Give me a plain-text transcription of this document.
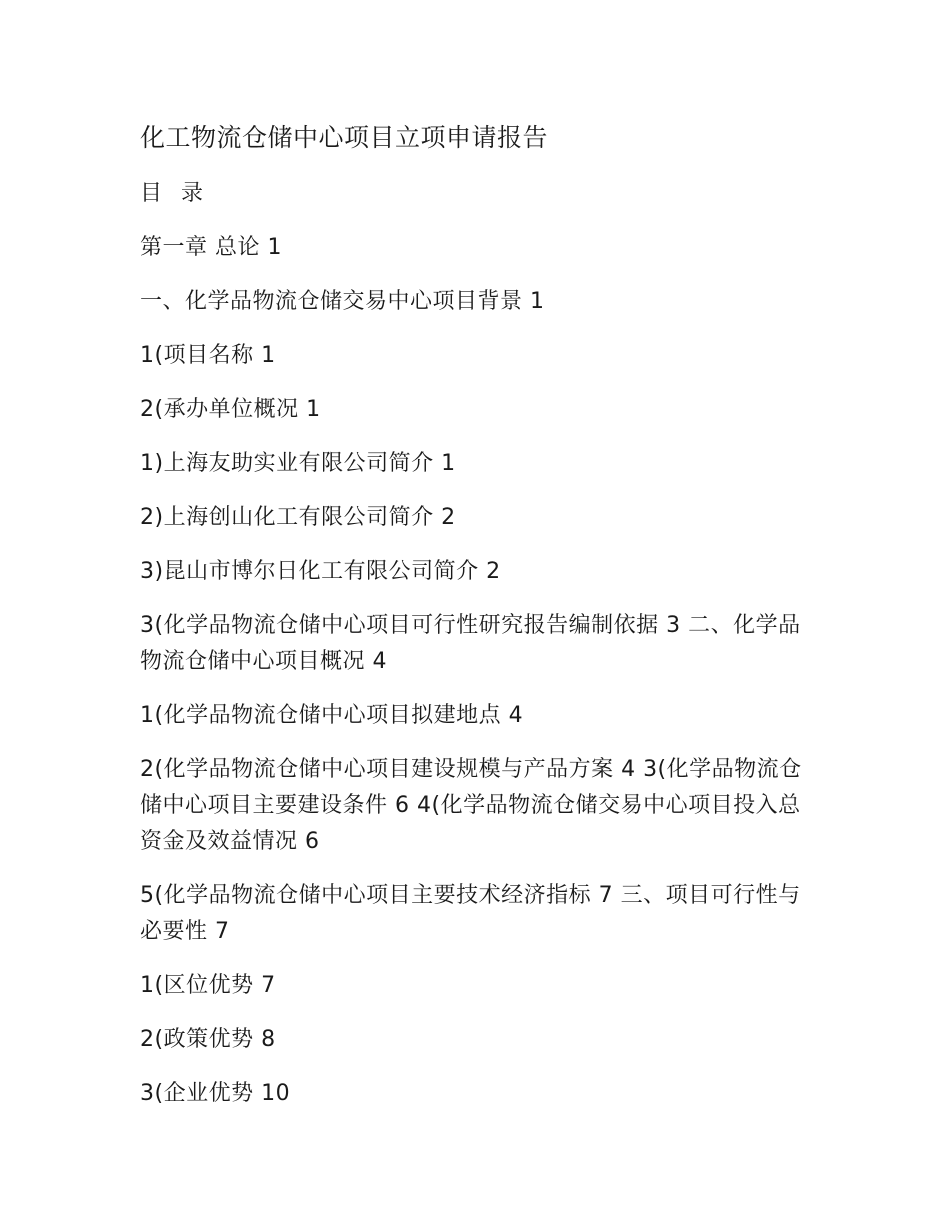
化工物流仓储中心项目立项申请报告
目 录
第一章 总论 1
一、化学品物流仓储交易中心项目背景 1
1(项目名称 1
2(承办单位概况 1
1)上海友助实业有限公司简介 1
2)上海创山化工有限公司简介 2
3)昆山市博尔日化工有限公司简介 2
3(化学品物流仓储中心项目可行性研究报告编制依据 3 二、化学品物流仓储中心项目概况 4
1(化学品物流仓储中心项目拟建地点 4
2(化学品物流仓储中心项目建设规模与产品方案 4 3(化学品物流仓储中心项目主要建设条件 6 4(化学品物流仓储交易中心项目投入总资金及效益情况 6
5(化学品物流仓储中心项目主要技术经济指标 7 三、项目可行性与必要性 7
1(区位优势 7
2(政策优势 8
3(企业优势 10
